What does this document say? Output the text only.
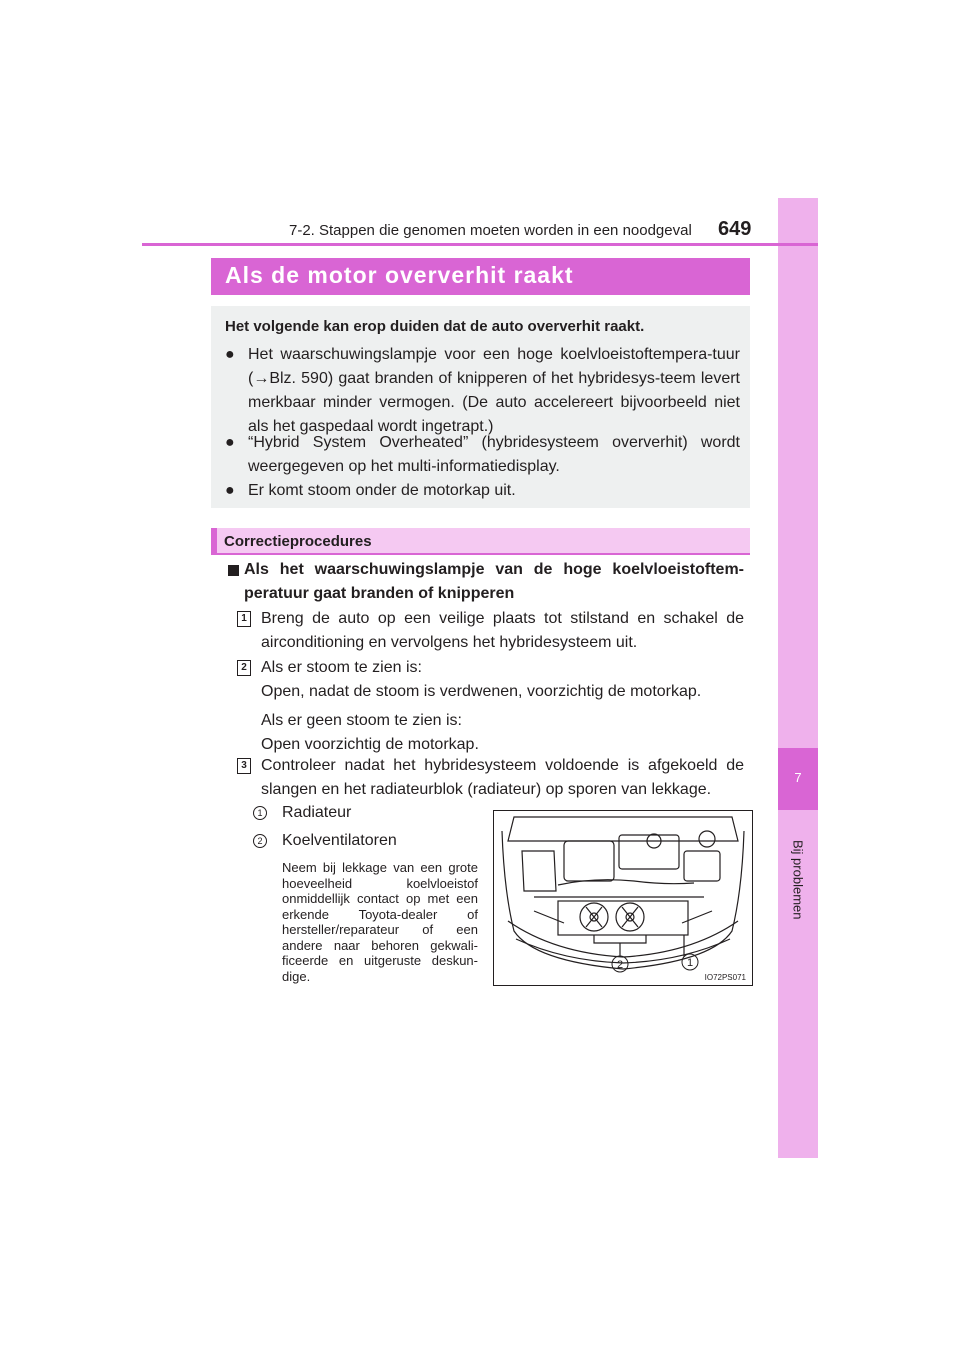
7
Bij problemen
7-2. Stappen die genomen moeten worden in een noodgeval 649
Als de motor oververhit raakt
Het volgende kan erop duiden dat de auto oververhit raakt.
● Het waarschuwingslampje voor een hoge koelvloeistoftempera-tuur (→Blz. 590) gaat branden of knipperen of het hybridesys-teem levert merkbaar minder vermogen. (De auto accelereert bijvoorbeeld niet als het gaspedaal wordt ingetrapt.)
● “Hybrid System Overheated” (hybridesysteem oververhit) wordt weergegeven op het multi-informatiedisplay.
● Er komt stoom onder de motorkap uit.
Correctieprocedures
Als het waarschuwingslampje van de hoge koelvloeistoftem-peratuur gaat branden of knipperen
1 Breng de auto op een veilige plaats tot stilstand en schakel de airconditioning en vervolgens het hybridesysteem uit.
2 Als er stoom te zien is:
Open, nadat de stoom is verdwenen, voorzichtig de motorkap.
Als er geen stoom te zien is:
Open voorzichtig de motorkap.
3 Controleer nadat het hybridesysteem voldoende is afgekoeld de slangen en het radiateurblok (radiateur) op sporen van lekkage.
1 Radiateur
2 Koelventilatoren
Neem bij lekkage van een grote hoeveelheid koelvloeistof onmiddellijk contact op met een erkende Toyota-dealer of hersteller/reparateur of een andere naar behoren gekwali-ficeerde en uitgeruste deskun-dige.
2	1
IO72PS071
